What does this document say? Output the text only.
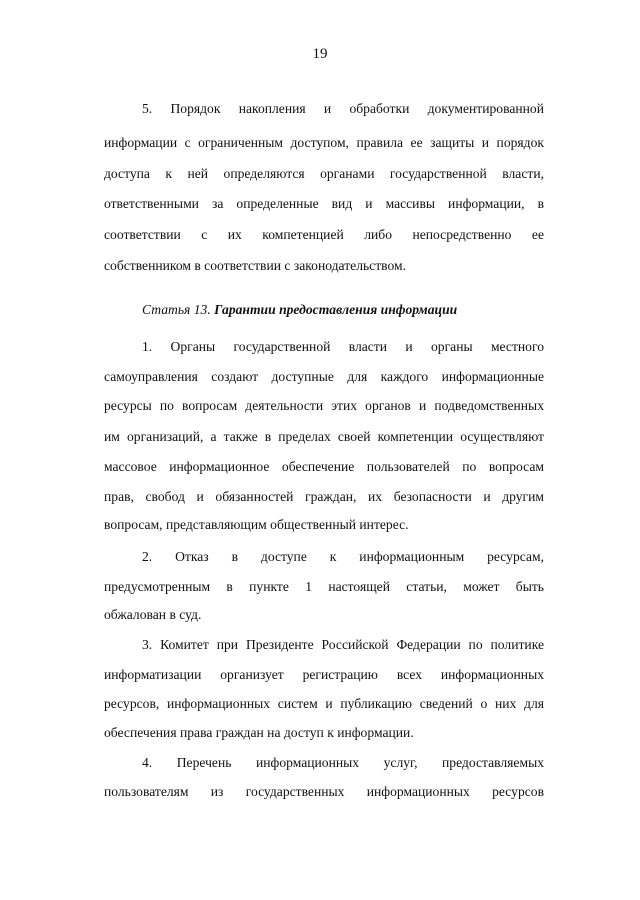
19
5. Порядок накопления и обработки документированной
информации с ограниченным доступом, правила ее защиты и порядок
доступа к ней определяются органами государственной власти,
ответственными за определенные вид и массивы информации, в
соответствии с их компетенцией либо непосредственно ее
собственником в соответствии с законодательством.
Статья 13. Гарантии предоставления информации
1. Органы государственной власти и органы местного
самоуправления создают доступные для каждого информационные
ресурсы по вопросам деятельности этих органов и подведомственных
им организаций, а также в пределах своей компетенции осуществляют
массовое информационное обеспечение пользователей по вопросам
прав, свобод и обязанностей граждан, их безопасности и другим
вопросам, представляющим общественный интерес.
2. Отказ в доступе к информационным ресурсам,
предусмотренным в пункте 1 настоящей статьи, может быть
обжалован в суд.
3. Комитет при Президенте Российской Федерации по политике
информатизации организует регистрацию всех информационных
ресурсов, информационных систем и публикацию сведений о них для
обеспечения права граждан на доступ к информации.
4. Перечень информационных услуг, предоставляемых
пользователям из государственных информационных ресурсов
